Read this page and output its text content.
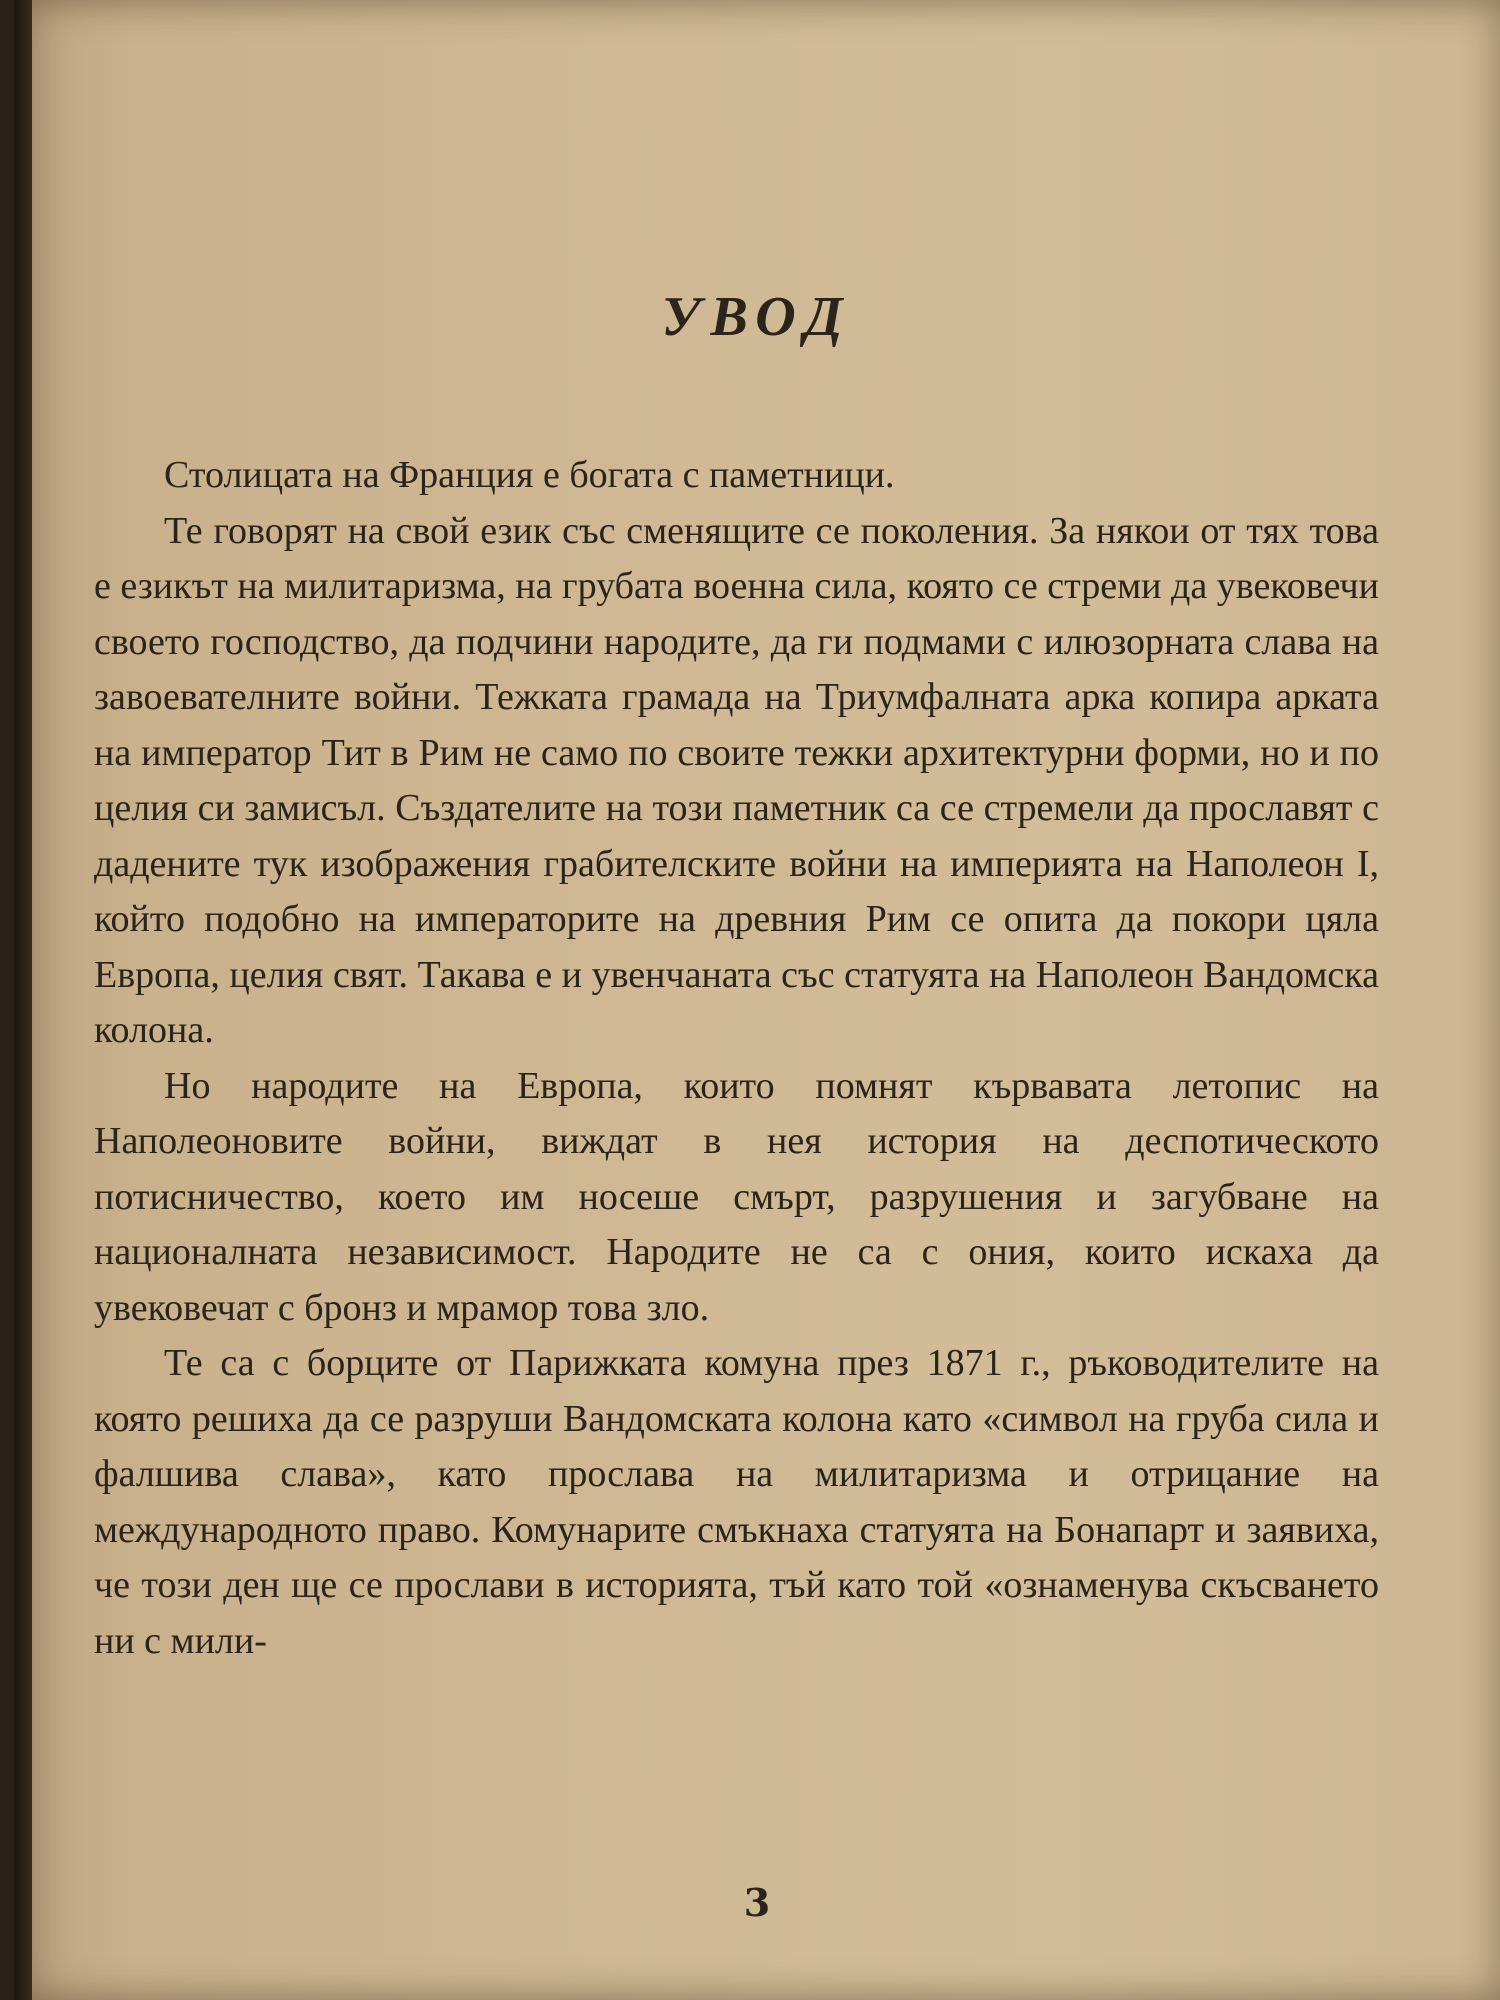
УВОД

Столицата на Франция е богата с паметници.

Те говорят на свой език със сменящите се поколения. За някои от тях това е езикът на милитаризма, на грубата военна сила, която се стреми да увековечи своето господство, да подчини народите, да ги подмами с илюзорната слава на завоевателните войни. Тежката грамада на Триумфалната арка копира арката на император Тит в Рим не само по своите тежки архитектурни форми, но и по целия си замисъл. Създателите на този паметник са се стремели да прославят с дадените тук изображения грабителските войни на империята на Наполеон I, който подобно на императорите на древния Рим се опита да покори цяла Европа, целия свят. Такава е и увенчаната със статуята на Наполеон Вандомска колона.

Но народите на Европа, които помнят кървавата летопис на Наполеоновите войни, виждат в нея история на деспотическото потисничество, което им носеше смърт, разрушения и загубване на националната независимост. Народите не са с ония, които искаха да увековечат с бронз и мрамор това зло.

Те са с борците от Парижката комуна през 1871 г., ръководителите на която решиха да се разруши Вандомската колона като «символ на груба сила и фалшива слава», като прослава на милитаризма и отрицание на международното право. Комунарите смъкнаха статуята на Бонапарт и заявиха, че този ден ще се прослави в историята, тъй като той «ознаменува скъсването ни с мили-

3
